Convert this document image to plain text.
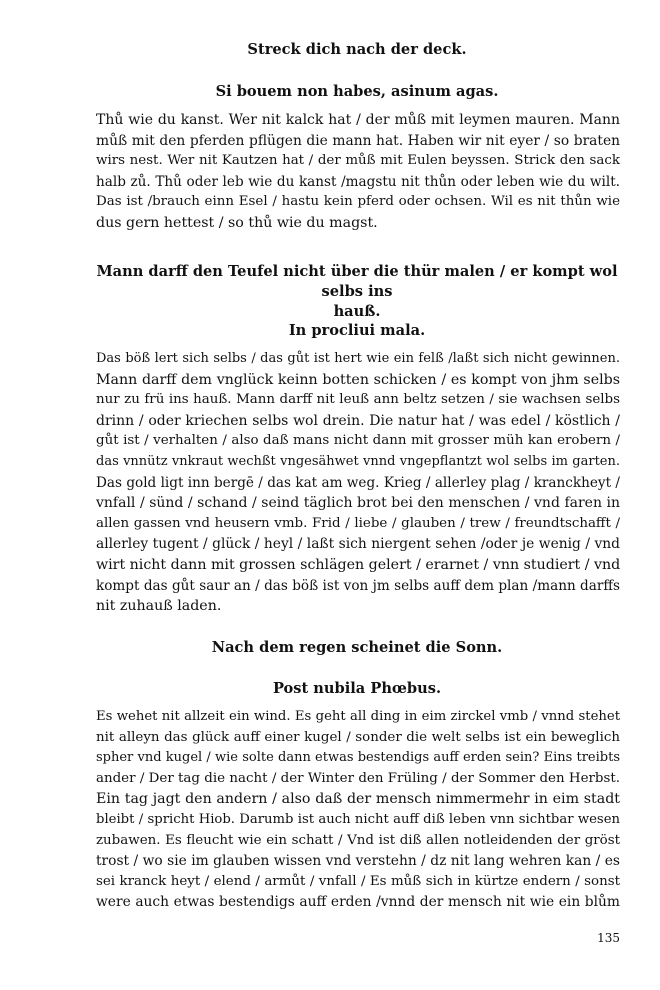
Streck dich nach der deck.
Si bouem non habes, asinum agas.
Thů wie du kanst. Wer nit kalck hat / der můß mit leymen mauren. Mann
můß mit den pferden pflügen die mann hat. Haben wir nit eyer / so braten
wirs nest. Wer nit Kautzen hat / der můß mit Eulen beyssen. Strick den sack
halb zů. Thů oder leb wie du kanst /magstu nit thůn oder leben wie du wilt.
Das ist /brauch einn Esel / hastu kein pferd oder ochsen. Wil es nit thůn wie
dus gern hettest / so thů wie du magst.
Mann darff den Teufel nicht über die thür malen / er kompt wol selbs ins
hauß.
In procliui mala.
Das böß lert sich selbs / das gůt ist hert wie ein felß /laßt sich nicht gewinnen.
Mann darff dem vnglück keinn botten schicken / es kompt von jhm selbs
nur zu frü ins hauß. Mann darff nit leuß ann beltz setzen / sie wachsen selbs
drinn / oder kriechen selbs wol drein. Die natur hat / was edel / köstlich /
gůt ist / verhalten / also daß mans nicht dann mit grosser müh kan erobern /
das vnnütz vnkraut wechßt vngesähwet vnnd vngepflantzt wol selbs im garten.
Das gold ligt inn bergē / das kat am weg. Krieg / allerley plag / kranckheyt /
vnfall / sünd / schand / seind täglich brot bei den menschen / vnd faren in
allen gassen vnd heusern vmb. Frid / liebe / glauben / trew / freundtschafft /
allerley tugent / glück / heyl / laßt sich niergent sehen /oder je wenig / vnd
wirt nicht dann mit grossen schlägen gelert / erarnet / vnn studiert / vnd
kompt das gůt saur an / das böß ist von jm selbs auff dem plan /mann darffs
nit zuhauß laden.
Nach dem regen scheinet die Sonn.
Post nubila Phœbus.
Es wehet nit allzeit ein wind. Es geht all ding in eim zirckel vmb / vnnd stehet
nit alleyn das glück auff einer kugel / sonder die welt selbs ist ein beweglich
spher vnd kugel / wie solte dann etwas bestendigs auff erden sein? Eins treibts
ander / Der tag die nacht / der Winter den Früling / der Sommer den Herbst.
Ein tag jagt den andern / also daß der mensch nimmermehr in eim stadt
bleibt / spricht Hiob. Darumb ist auch nicht auff diß leben vnn sichtbar wesen
zubawen. Es fleucht wie ein schatt / Vnd ist diß allen notleidenden der gröst
trost / wo sie im glauben wissen vnd verstehn / dz nit lang wehren kan / es
sei kranck heyt / elend / armůt / vnfall / Es můß sich in kürtze endern / sonst
were auch etwas bestendigs auff erden /vnnd der mensch nit wie ein blům
135
